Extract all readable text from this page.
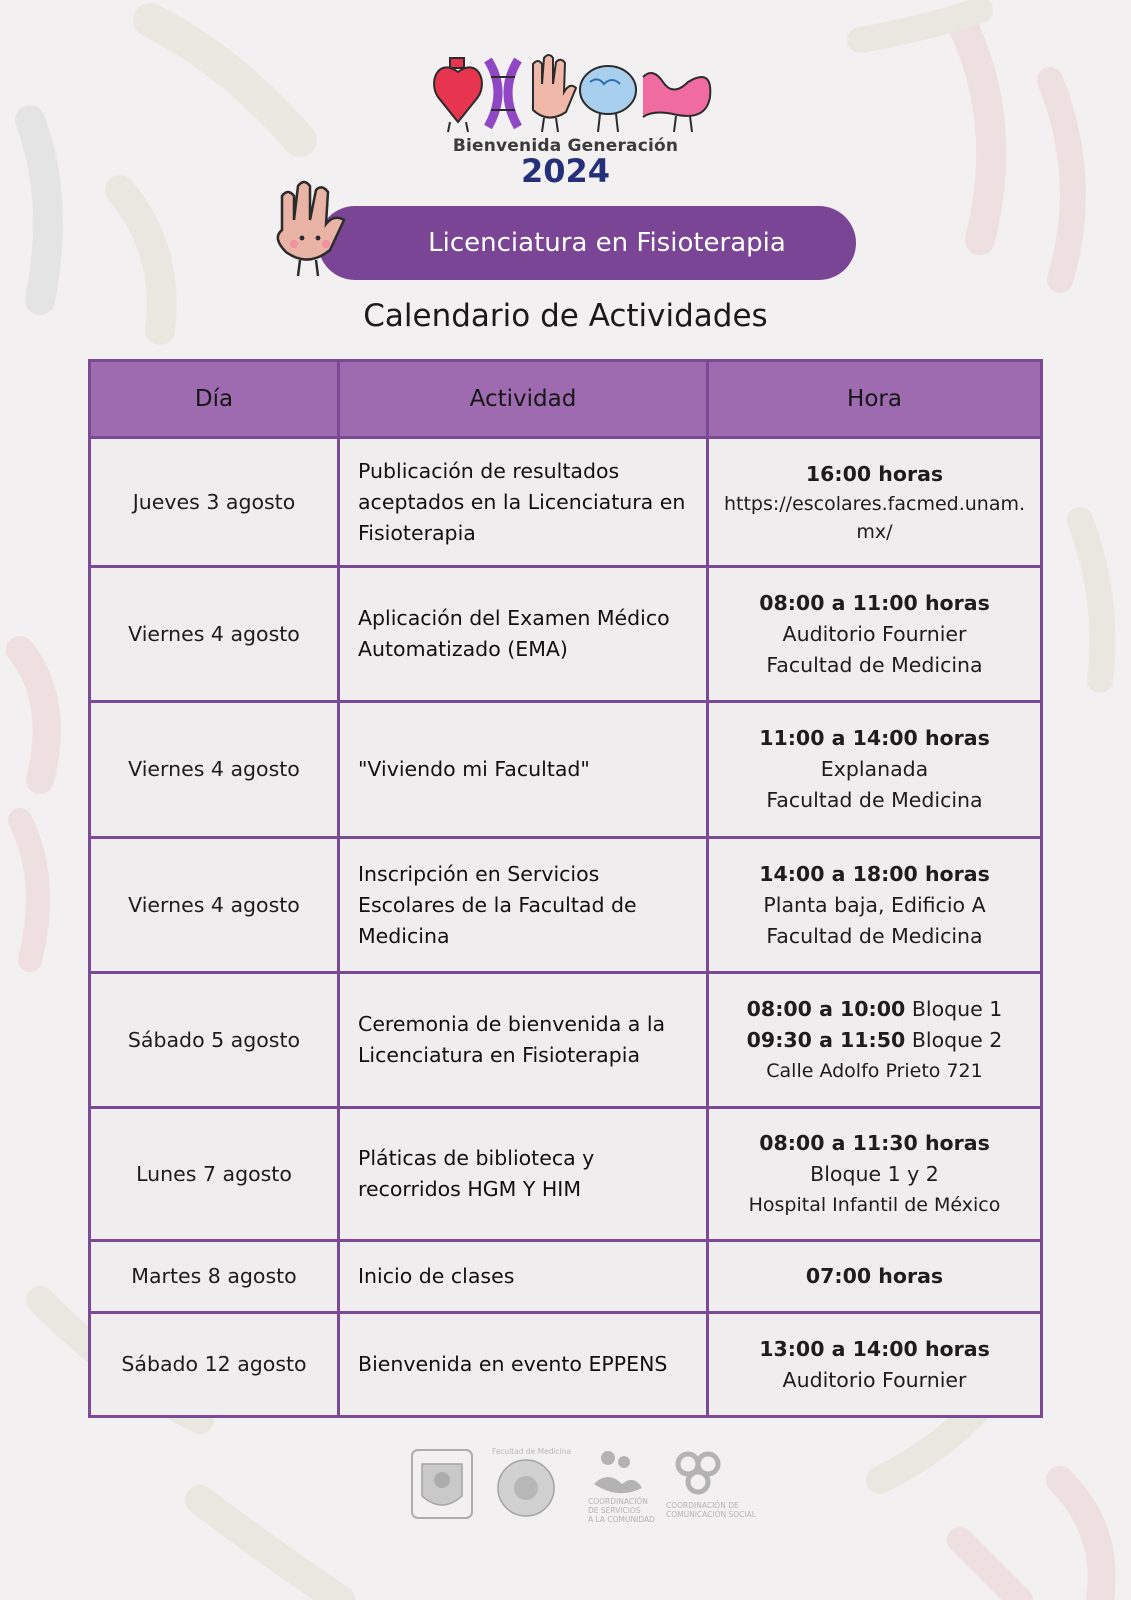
Bienvenida Generación
2024
Licenciatura en Fisioterapia
Calendario de Actividades
Día	Actividad	Hora
Jueves 3 agosto	Publicación de resultados aceptados en la Licenciatura en Fisioterapia	16:00 horas
https://escolares.facmed.unam.mx/

Viernes 4 agosto	Aplicación del Examen Médico Automatizado (EMA)	08:00 a 11:00 horas
Auditorio Fournier
Facultad de Medicina

Viernes 4 agosto	"Viviendo mi Facultad"	11:00 a 14:00 horas
Explanada
Facultad de Medicina

Viernes 4 agosto	Inscripción en Servicios Escolares de la Facultad de Medicina	14:00 a 18:00 horas
Planta baja, Edificio A
Facultad de Medicina

Sábado 5 agosto	Ceremonia de bienvenida a la Licenciatura en Fisioterapia	08:00 a 10:00 Bloque 1
09:30 a 11:50 Bloque 2
Calle Adolfo Prieto 721

Lunes 7 agosto	Pláticas de biblioteca y recorridos HGM Y HIM	08:00 a 11:30 horas
Bloque 1 y 2
Hospital Infantil de México

Martes 8 agosto	Inicio de clases	07:00 horas

Sábado 12 agosto	Bienvenida en evento EPPENS	13:00 a 14:00 horas
Auditorio Fournier
Facultad de Medicina
COORDINACIÓN
DE SERVICIOS
A LA COMUNIDAD
COORDINACIÓN DE
COMUNICACIÓN SOCIAL
